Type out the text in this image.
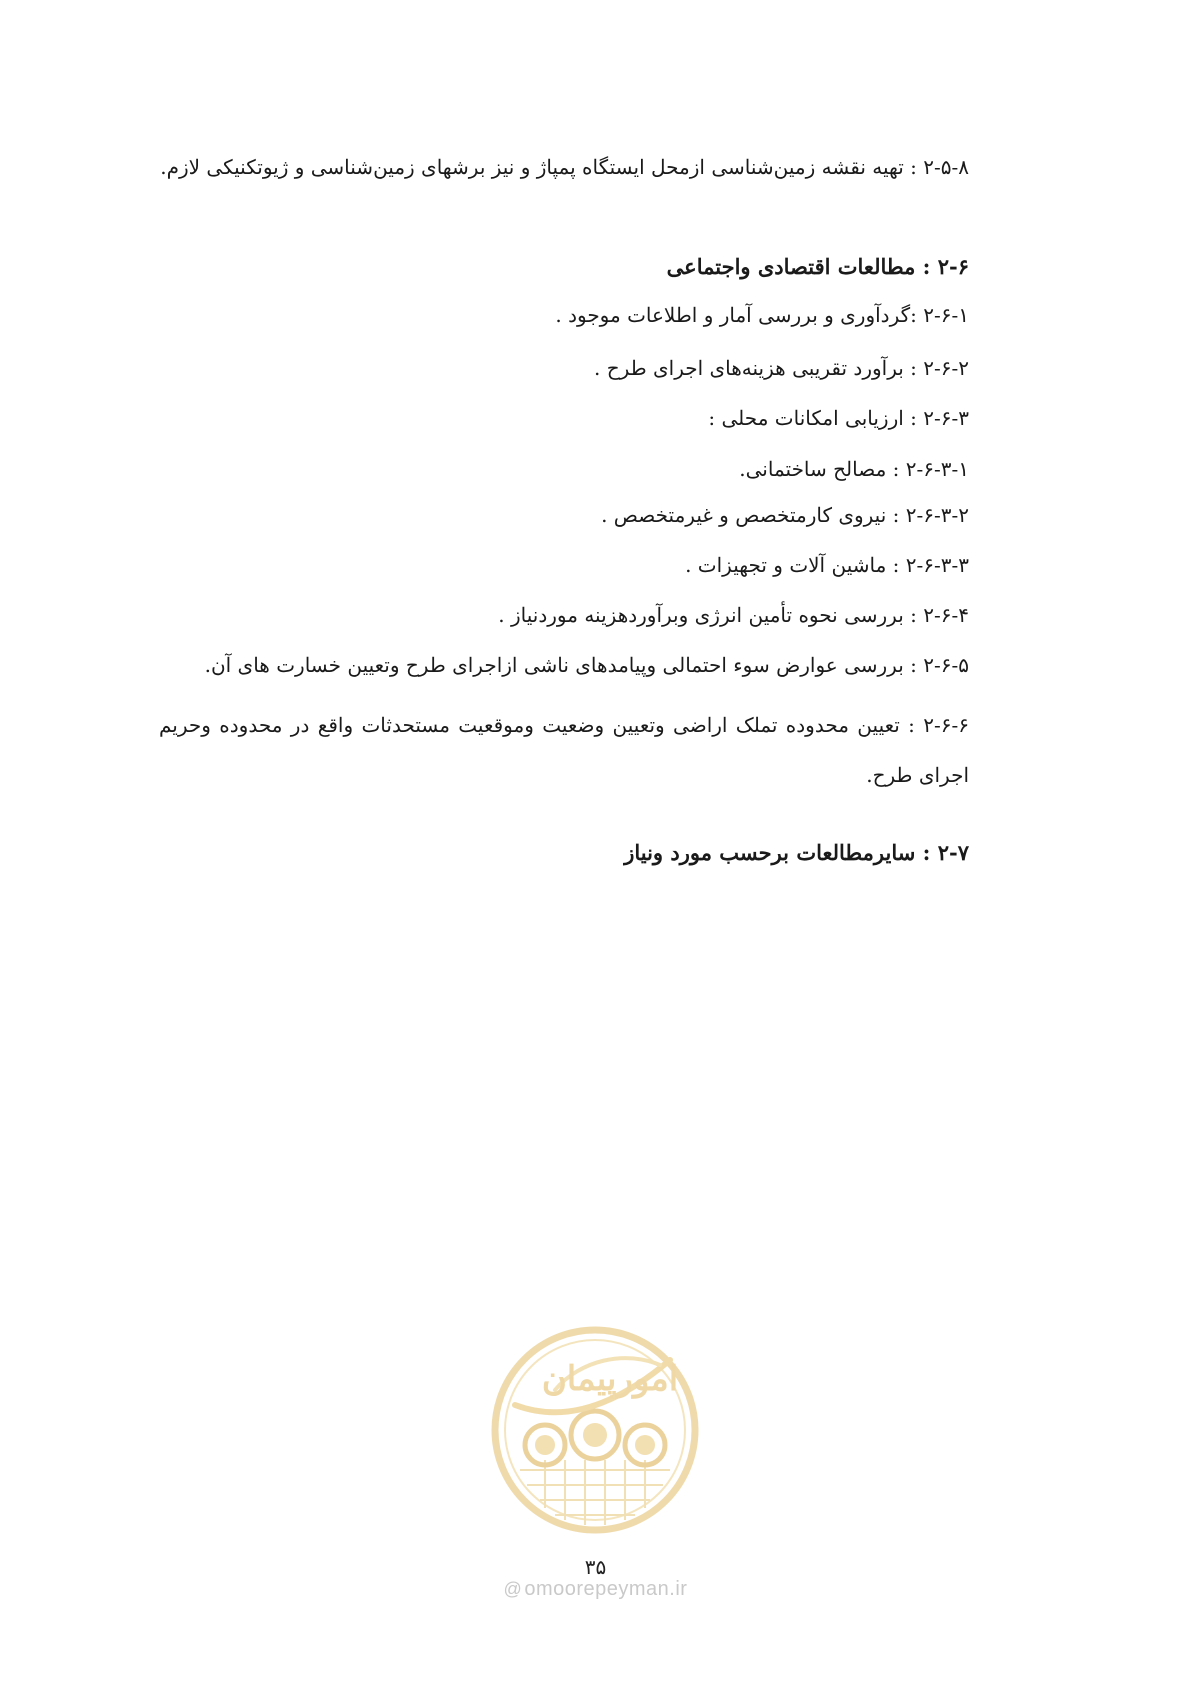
۲-۵-۸ : تهیه نقشه زمین‌شناسی ازمحل ایستگاه پمپاژ و نیز برشهای زمین‌شناسی و ژیوتکنیکی لازم.
۲-۶ : مطالعات اقتصادی واجتماعی
۲-۶-۱ :گردآوری و بررسی آمار و اطلاعات موجود .
۲-۶-۲ : برآورد تقریبی هزینه‌های اجرای طرح .
۲-۶-۳ : ارزیابی امکانات محلی :
۲-۶-۳-۱ : مصالح ساختمانی.
۲-۶-۳-۲ : نیروی کارمتخصص و غیرمتخصص .
۲-۶-۳-۳ : ماشین آلات و تجهیزات .
۲-۶-۴ : بررسی نحوه تأمین انرژی وبرآوردهزینه موردنیاز .
۲-۶-۵ : بررسی عوارض سوء احتمالی وپیامدهای ناشی ازاجرای طرح وتعیین خسارت های آن.
۲-۶-۶ : تعیین محدوده تملک اراضی وتعیین وضعیت وموقعیت مستحدثات واقع در محدوده وحریم اجرای طرح.
۲-۷ : سایرمطالعات برحسب مورد ونیاز
امورپیمان
۳۵
@ omoorepeyman.ir
